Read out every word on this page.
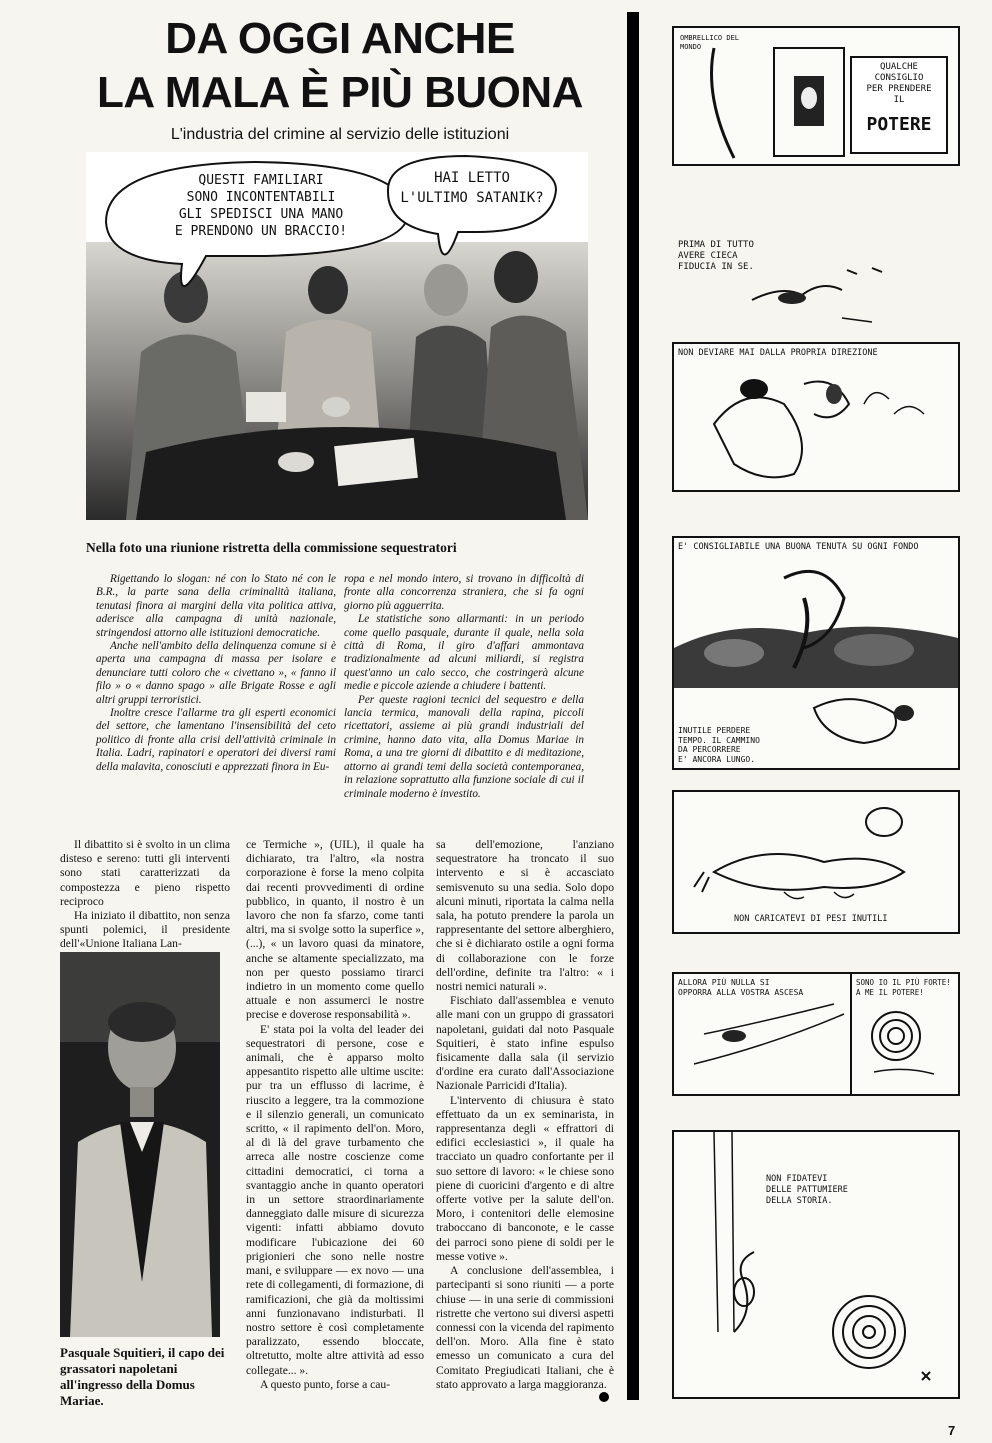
DA OGGI ANCHE
LA MALA È PIÙ BUONA
L'industria del crimine al servizio delle istituzioni
QUESTI FAMILIARI
SONO INCONTENTABILI
GLI SPEDISCI UNA MANO
E PRENDONO UN BRACCIO!
HAI LETTO
L'ULTIMO SATANIK?
Nella foto una riunione ristretta della commissione sequestratori

Rigettando lo slogan: né con lo Stato né con le B.R., la parte sana della criminalità italiana, tenutasi finora ai margini della vita politica attiva, aderisce alla campagna di unità nazionale, stringendosi attorno alle istituzioni democratiche.

Anche nell'ambito della delinquenza comune si è aperta una campagna di massa per isolare e denunciare tutti coloro che « civettano », « fanno il filo » o « danno spago » alle Brigate Rosse e agli altri gruppi terroristici.

Inoltre cresce l'allarme tra gli esperti economici del settore, che lamentano l'insensibilità del ceto politico di fronte alla crisi dell'attività criminale in Italia. Ladri, rapinatori e operatori dei diversi rami della malavita, conosciuti e apprezzati finora in Eu-

ropa e nel mondo intero, si trovano in difficoltà di fronte alla concorrenza straniera, che si fa ogni giorno più agguerrita.

Le statistiche sono allarmanti: in un periodo come quello pasquale, durante il quale, nella sola città di Roma, il giro d'affari ammontava tradizionalmente ad alcuni miliardi, si registra quest'anno un calo secco, che costringerà alcune medie e piccole aziende a chiudere i battenti.

Per queste ragioni tecnici del sequestro e della lancia termica, manovali della rapina, piccoli ricettatori, assieme ai più grandi industriali del crimine, hanno dato vita, alla Domus Mariae in Roma, a una tre giorni di dibattito e di meditazione, attorno ai grandi temi della società contemporanea, in relazione soprattutto alla funzione sociale di cui il criminale moderno è investito.

Il dibattito si è svolto in un clima disteso e sereno: tutti gli interventi sono stati caratterizzati da compostezza e pieno rispetto reciproco

Ha iniziato il dibattito, non senza spunti polemici, il presidente dell'«Unione Italiana Lan-

ce Termiche », (UIL), il quale ha dichiarato, tra l'altro, «la nostra corporazione è forse la meno colpita dai recenti provvedimenti di ordine pubblico, in quanto, il nostro è un lavoro che non fa sfarzo, come tanti altri, ma si svolge sotto la superfice », (...), « un lavoro quasi da minatore, anche se altamente specializzato, ma non per questo possiamo tirarci indietro in un momento come quello attuale e non assumerci le nostre precise e doverose responsabilità ».

E' stata poi la volta del leader dei sequestratori di persone, cose e animali, che è apparso molto appesantito rispetto alle ultime uscite: pur tra un efflusso di lacrime, è riuscito a leggere, tra la commozione e il silenzio generali, un comunicato scritto, « il rapimento dell'on. Moro, al di là del grave turbamento che arreca alle nostre coscienze come cittadini democratici, ci torna a svantaggio anche in quanto operatori in un settore straordinariamente danneggiato dalle misure di sicurezza vigenti: infatti abbiamo dovuto modificare l'ubicazione dei 60 prigionieri che sono nelle nostre mani, e sviluppare — ex novo — una rete di collegamenti, di formazione, di ramificazioni, che già da moltissimi anni funzionavano indisturbati. Il nostro settore è così completamente paralizzato, essendo bloccate, oltretutto, molte altre attività ad esso collegate... ».

A questo punto, forse a cau-

sa dell'emozione, l'anziano sequestratore ha troncato il suo intervento e si è accasciato semisvenuto su una sedia. Solo dopo alcuni minuti, riportata la calma nella sala, ha potuto prendere la parola un rappresentante del settore alberghiero, che si è dichiarato ostile a ogni forma di collaborazione con le forze dell'ordine, definite tra l'altro: « i nostri nemici naturali ».

Fischiato dall'assemblea e venuto alle mani con un gruppo di grassatori napoletani, guidati dal noto Pasquale Squitieri, è stato infine espulso fisicamente dalla sala (il servizio d'ordine era curato dall'Associazione Nazionale Parricidi d'Italia).

L'intervento di chiusura è stato effettuato da un ex seminarista, in rappresentanza degli « effrattori di edifici ecclesiastici », il quale ha tracciato un quadro confortante per il suo settore di lavoro: « le chiese sono piene di cuoricini d'argento e di altre offerte votive per la salute dell'on. Moro, i contenitori delle elemosine traboccano di banconote, e le casse dei parroci sono piene di soldi per le messe votive ».

A conclusione dell'assemblea, i partecipanti si sono riuniti — a porte chiuse — in una serie di commissioni ristrette che vertono sui diversi aspetti connessi con la vicenda del rapimento dell'on. Moro. Alla fine è stato emesso un comunicato a cura del Comitato Pregiudicati Italiani, che è stato approvato a larga maggioranza.

Pasquale Squitieri, il capo dei grassatori napoletani all'ingresso della Domus Mariae.
OMBRELLICO DEL
MONDO
QUALCHE
CONSIGLIO
PER PRENDERE
IL
POTERE
PRIMA DI TUTTO
AVERE CIECA
FIDUCIA IN SE.
NON DEVIARE MAI DALLA PROPRIA DIREZIONE
E' CONSIGLIABILE UNA BUONA TENUTA SU OGNI FONDO
INUTILE PERDERE
TEMPO. IL CAMMINO
DA PERCORRERE
E' ANCORA LUNGO.
NON CARICATEVI DI PESI INUTILI
ALLORA PIÙ NULLA SI
OPPORRA ALLA VOSTRA ASCESA
SONO IO IL PIÙ FORTE!
A ME IL POTERE!
NON FIDATEVI
DELLE PATTUMIERE
DELLA STORIA.
7
